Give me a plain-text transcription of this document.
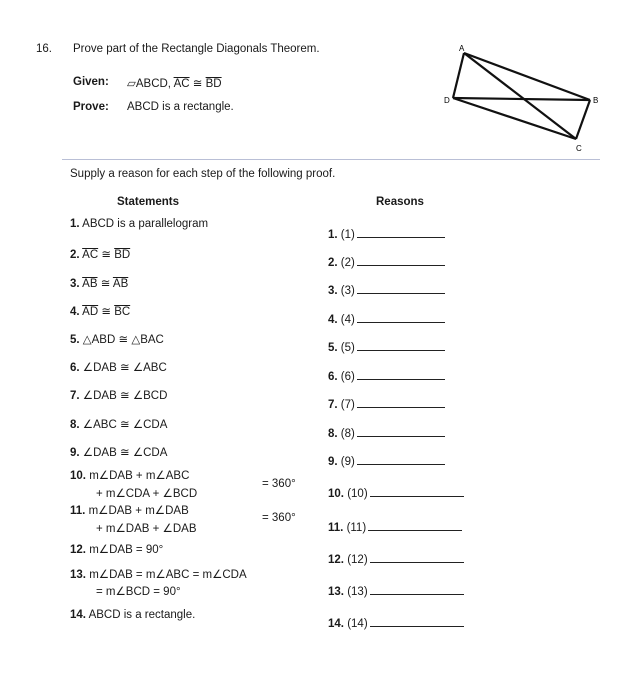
16. Prove part of the Rectangle Diagonals Theorem.
Given: ▱ABCD, $\overline{AC}$ ≅ $\overline{BD}$
Prove: ABCD is a rectangle.
A
D	B
C
Supply a reason for each step of the following proof.
Statements	Reasons
1. ABCD is a parallelogram
2. $\overline{AC}$ ≅ $\overline{BD}$
3. $\overline{AB}$ ≅ $\overline{AB}$
4. $\overline{AD}$ ≅ $\overline{BC}$
5. △ABD ≅ △BAC
6. ∠DAB ≅ ∠ABC
7. ∠DAB ≅ ∠BCD
8. ∠ABC ≅ ∠CDA
9. ∠DAB ≅ ∠CDA
10. m∠DAB + m∠ABC
+ m∠CDA + ∠BCD
= 360°
11. m∠DAB + m∠DAB
+ m∠DAB + ∠DAB
= 360°
12. m∠DAB = 90°
13. m∠DAB = m∠ABC = m∠CDA
= m∠BCD = 90°
14. ABCD is a rectangle.
1. (1)
2. (2)
3. (3)
4. (4)
5. (5)
6. (6)
7. (7)
8. (8)
9. (9)
10. (10)
11. (11)
12. (12)
13. (13)
14. (14)
